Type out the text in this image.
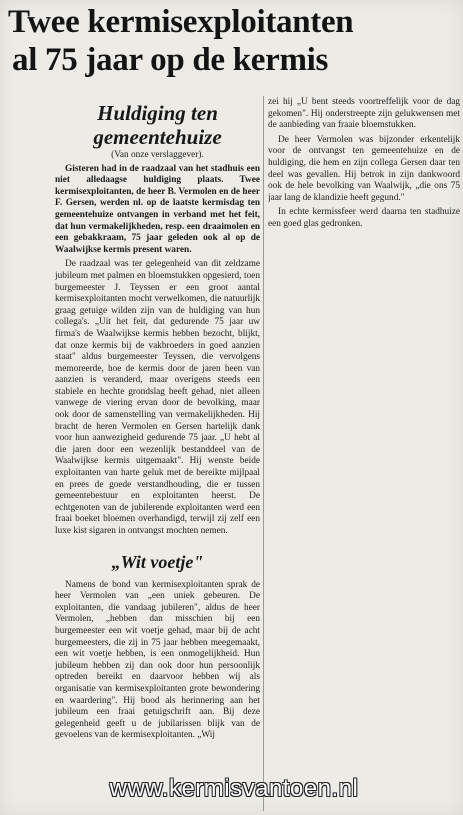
Twee kermisexploitanten
al 75 jaar op de kermis
Huldiging ten gemeentehuize
(Van onze verslaggever).

Gisteren had in de raadzaal van het stadhuis een niet alledaagse huldiging plaats. Twee kermisexploitanten, de heer B. Vermolen en de heer F. Gersen, werden nl. op de laatste kermisdag ten gemeentehuize ontvangen in verband met het feit, dat hun vermakelijkheden, resp. een draaimolen en een gebakkraam, 75 jaar geleden ook al op de Waalwijkse kermis present waren.

De raadzaal was ter gelegenheid van dit zeldzame jubileum met palmen en bloemstukken opgesierd, toen burgemeester J. Teyssen er een groot aantal kermisexploitanten mocht verwelkomen, die natuurlijk graag getuige wilden zijn van de huldiging van hun collega's. „Uit het feit, dat gedurende 75 jaar uw firma's de Waalwijkse kermis hebben bezocht, blijkt, dat onze kermis bij de vakbroeders in goed aanzien staat" aldus burgemeester Teyssen, die vervolgens memoreerde, hoe de kermis door de jaren heen van aanzien is veranderd, maar overigens steeds een stabiele en hechte grondslag heeft gehad, niet alleen vanwege de viering ervan door de bevolking, maar ook door de samenstelling van vermakelijkheden. Hij bracht de heren Vermolen en Gersen hartelijk dank voor hun aanwezigheid gedurende 75 jaar. „U hebt al die jaren door een wezenlijk bestanddeel van de Waalwijkse kermis uitgemaakt". Hij wenste beide exploitanten van harte geluk met de bereikte mijlpaal en prees de goede verstandhouding, die er tussen gemeentebestuur en exploitanten heerst. De echtgenoten van de jubilerende exploitanten werd een fraai boeket bloemen overhandigd, terwijl zij zelf een luxe kist sigaren in ontvangst mochten nemen.

„Wit voetje"

Namens de bond van kermisexploitanten sprak de heer Vermolen van „een uniek gebeuren. De exploitanten, die vandaag jubileren", aldus de heer Vermolen, „hebben dan misschien bij een burgemeester een wit voetje gehad, maar bij de acht burgemeesters, die zij in 75 jaar hebben meegemaakt, een wit voetje hebben, is een onmogelijkheid. Hun jubileum hebben zij dan ook door hun persoonlijk optreden bereikt en daarvoor hebben wij als organisatie van kermisexploitanten grote bewondering en waardering". Hij bood als herinnering aan het jubileum een fraai getuigschrift aan. Bij deze gelegenheid geeft u de jubilarissen blijk van de gevoelens van de kermisexploitanten. „Wij

zei hij „U bent steeds voortreffelijk voor de dag gekomen". Hij onderstreepte zijn gelukwensen met de aanbieding van fraaie bloemstukken.

De heer Vermolen was bijzonder erkentelijk voor de ontvangst ten gemeentehuize en de huldiging, die hem en zijn collega Gersen daar ten deel was gevallen. Hij betrok in zijn dankwoord ook de hele bevolking van Waalwijk, „die ons 75 jaar lang de klandizie heeft gegund."

In echte kermissfeer werd daarna ten stadhuize een goed glas gedronken.

www.kermisvantoen.nl
